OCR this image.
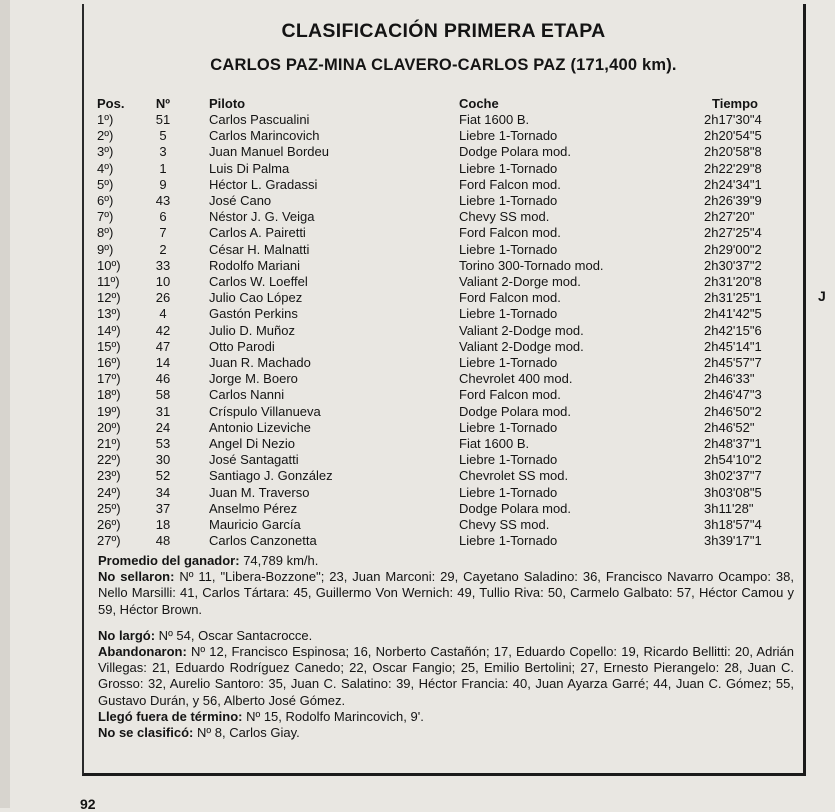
CLASIFICACIÓN PRIMERA ETAPA
CARLOS PAZ-MINA CLAVERO-CARLOS PAZ (171,400 km).
Pos.	Nº	Piloto	Coche	Tiempo
1º)	51	Carlos Pascualini	Fiat 1600 B.	2h17'30"4
2º)	5	Carlos Marincovich	Liebre 1-Tornado	2h20'54"5
3º)	3	Juan Manuel Bordeu	Dodge Polara mod.	2h20'58"8
4º)	1	Luis Di Palma	Liebre 1-Tornado	2h22'29"8
5º)	9	Héctor L. Gradassi	Ford Falcon mod.	2h24'34"1
6º)	43	José Cano	Liebre 1-Tornado	2h26'39"9
7º)	6	Néstor J. G. Veiga	Chevy SS mod.	2h27'20"
8º)	7	Carlos A. Pairetti	Ford Falcon mod.	2h27'25"4
9º)	2	César H. Malnatti	Liebre 1-Tornado	2h29'00"2
10º)	33	Rodolfo Mariani	Torino 300-Tornado mod.	2h30'37"2
11º)	10	Carlos W. Loeffel	Valiant 2-Dorge mod.	2h31'20"8
12º)	26	Julio Cao López	Ford Falcon mod.	2h31'25"1
13º)	4	Gastón Perkins	Liebre 1-Tornado	2h41'42"5
14º)	42	Julio D. Muñoz	Valiant 2-Dodge mod.	2h42'15"6
15º)	47	Otto Parodi	Valiant 2-Dodge mod.	2h45'14"1
16º)	14	Juan R. Machado	Liebre 1-Tornado	2h45'57"7
17º)	46	Jorge M. Boero	Chevrolet 400 mod.	2h46'33"
18º)	58	Carlos Nanni	Ford Falcon mod.	2h46'47"3
19º)	31	Críspulo Villanueva	Dodge Polara mod.	2h46'50"2
20º)	24	Antonio Lizeviche	Liebre 1-Tornado	2h46'52"
21º)	53	Angel Di Nezio	Fiat 1600 B.	2h48'37"1
22º)	30	José Santagatti	Liebre 1-Tornado	2h54'10"2
23º)	52	Santiago J. González	Chevrolet SS mod.	3h02'37"7
24º)	34	Juan M. Traverso	Liebre 1-Tornado	3h03'08"5
25º)	37	Anselmo Pérez	Dodge Polara mod.	3h11'28"
26º)	18	Mauricio García	Chevy SS mod.	3h18'57"4
27º)	48	Carlos Canzonetta	Liebre 1-Tornado	3h39'17"1
Promedio del ganador: 74,789 km/h.
No sellaron: Nº 11, "Libera-Bozzone"; 23, Juan Marconi: 29, Cayetano Saladino: 36, Francisco Navarro Ocampo: 38, Nello Marsilli: 41, Carlos Tártara: 45, Guillermo Von Wernich: 49, Tullio Riva: 50, Carmelo Galbato: 57, Héctor Camou y 59, Héctor Brown.
No largó: Nº 54, Oscar Santacrocce.
Abandonaron: Nº 12, Francisco Espinosa; 16, Norberto Castañón; 17, Eduardo Copello: 19, Ricardo Bellitti: 20, Adrián Villegas: 21, Eduardo Rodríguez Canedo; 22, Oscar Fangio; 25, Emilio Bertolini; 27, Ernesto Pierangelo: 28, Juan C. Grosso: 32, Aurelio Santoro: 35, Juan C. Salatino: 39, Héctor Francia: 40, Juan Ayarza Garré; 44, Juan C. Gómez; 55, Gustavo Durán, y 56, Alberto José Gómez.
Llegó fuera de término: Nº 15, Rodolfo Marincovich, 9'.
No se clasificó: Nº 8, Carlos Giay.
J
92
